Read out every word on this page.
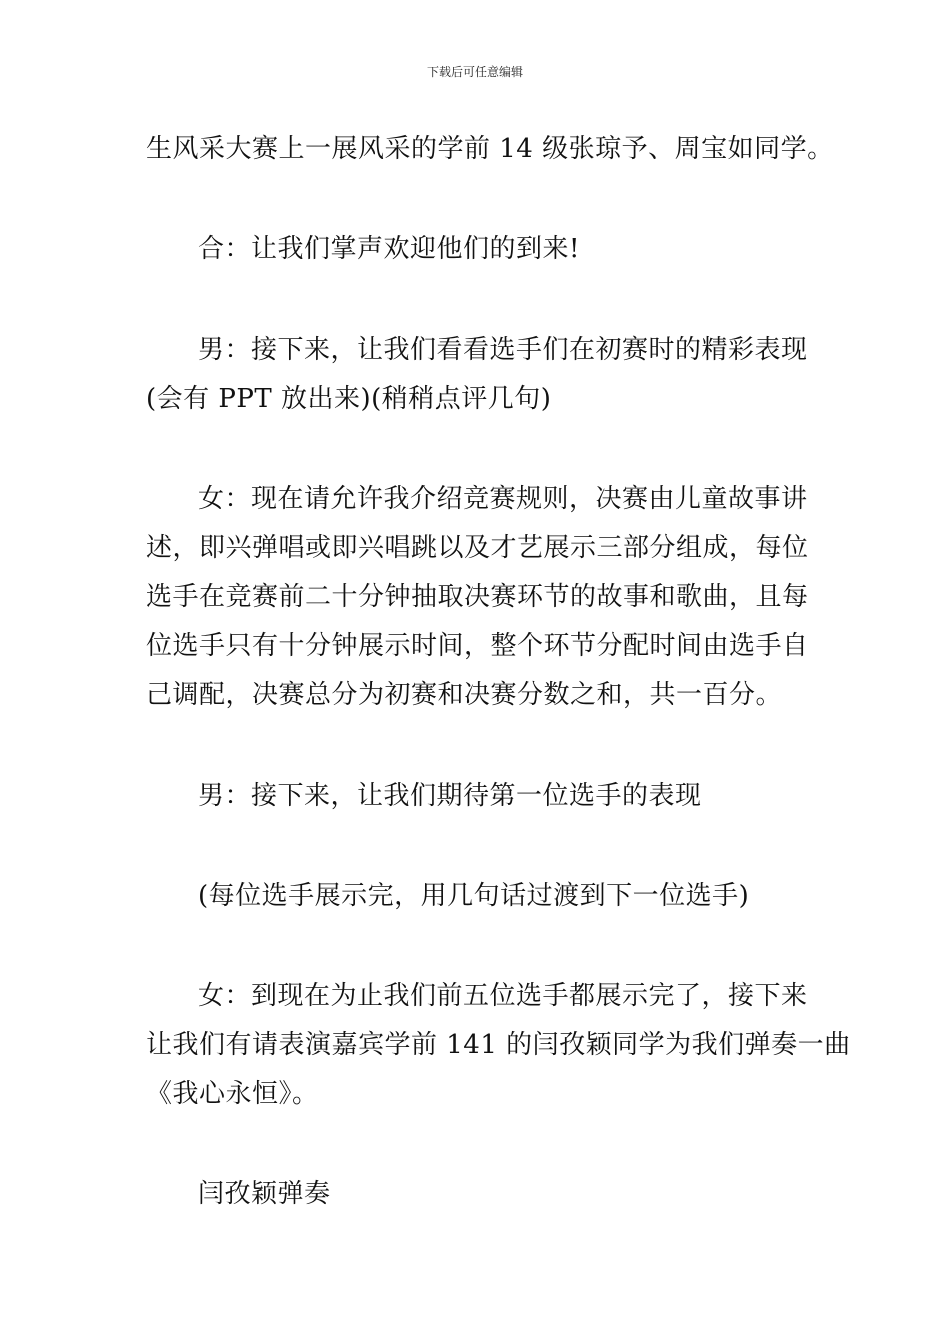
下载后可任意编辑

生风采大赛上一展风采的学前 14 级张琼予、周宝如同学。

合：让我们掌声欢迎他们的到来!

男：接下来，让我们看看选手们在初赛时的精彩表现
(会有 PPT 放出来)(稍稍点评几句)

女：现在请允许我介绍竞赛规则，决赛由儿童故事讲
述，即兴弹唱或即兴唱跳以及才艺展示三部分组成，每位
选手在竞赛前二十分钟抽取决赛环节的故事和歌曲，且每
位选手只有十分钟展示时间，整个环节分配时间由选手自
己调配，决赛总分为初赛和决赛分数之和，共一百分。

男：接下来，让我们期待第一位选手的表现

(每位选手展示完，用几句话过渡到下一位选手)

女：到现在为止我们前五位选手都展示完了，接下来
让我们有请表演嘉宾学前 141 的闫孜颖同学为我们弹奏一曲
《我心永恒》。

闫孜颖弹奏
